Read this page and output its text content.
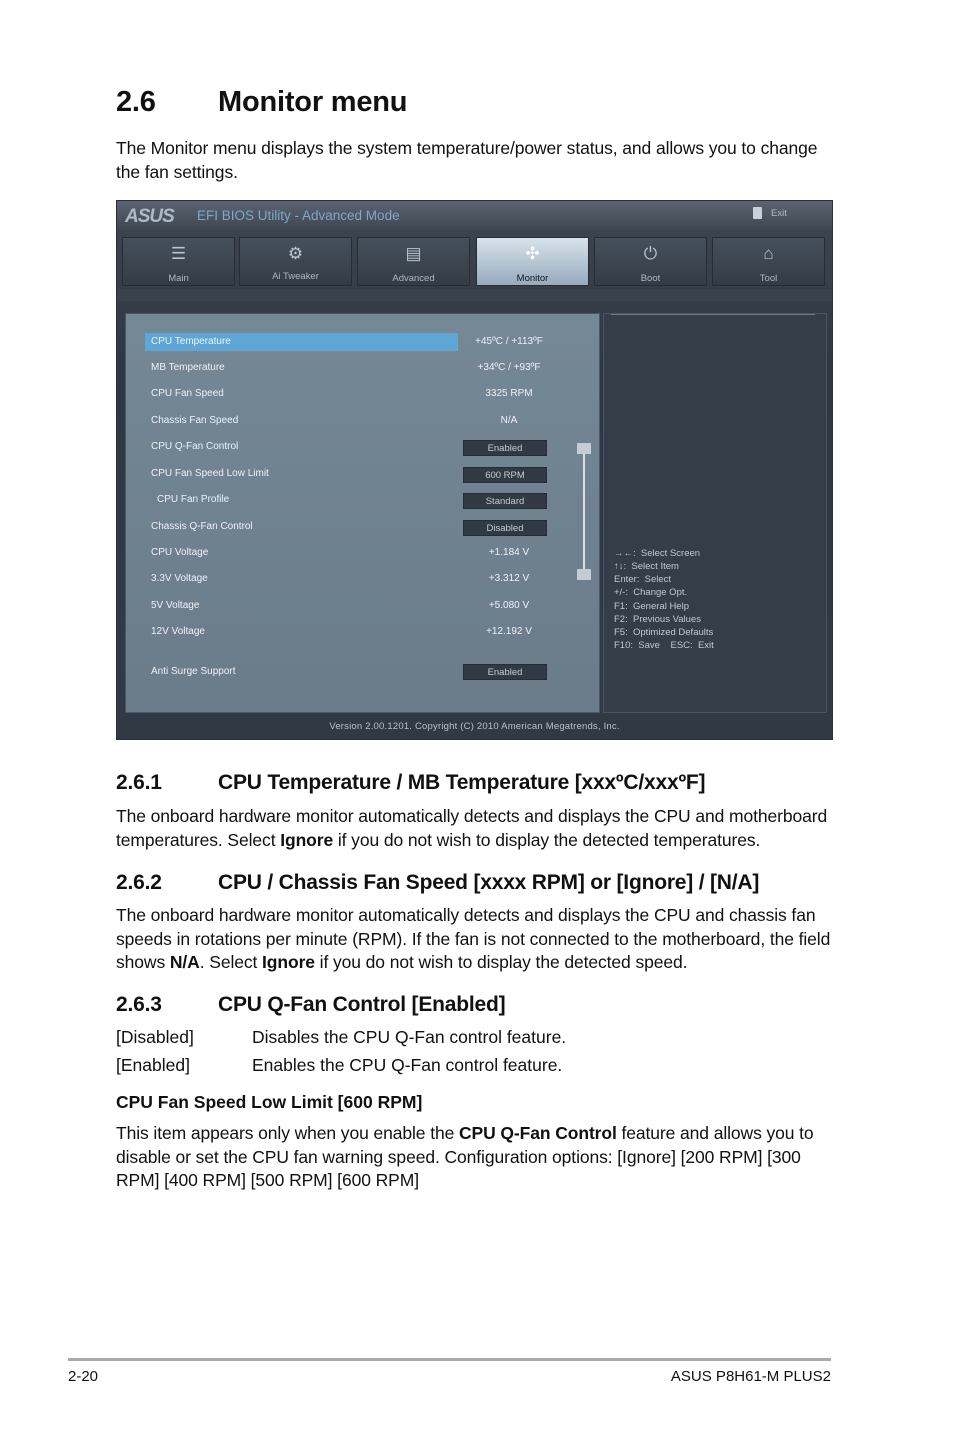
2.6 Monitor menu
The Monitor menu displays the system temperature/power status, and allows you to change the fan settings.
ASUS EFI BIOS Utility - Advanced Mode	Exit
☰
Main
⚙
Ai Tweaker
▤
Advanced
✣
Monitor
⏻
Boot
⌂
Tool
CPU Temperature	+45ºC / +113ºF
MB Temperature	+34ºC / +93ºF
CPU Fan Speed	3325 RPM
Chassis Fan Speed	N/A
CPU Q-Fan Control	Enabled
CPU Fan Speed Low Limit	600 RPM
CPU Fan Profile	Standard
Chassis Q-Fan Control	Disabled
CPU Voltage	+1.184 V
3.3V Voltage	+3.312 V
5V Voltage	+5.080 V
12V Voltage	+12.192 V
Anti Surge Support	Enabled
→←:  Select Screen
↑↓:  Select Item
Enter:  Select
+/-:  Change Opt.
F1:  General Help
F2:  Previous Values
F5:  Optimized Defaults
F10:  Save    ESC:  Exit
Version 2.00.1201. Copyright (C) 2010 American Megatrends, Inc.
2.6.1	CPU Temperature / MB Temperature [xxxºC/xxxºF]
The onboard hardware monitor automatically detects and displays the CPU and motherboard
temperatures. Select Ignore if you do not wish to display the detected temperatures.
2.6.2	CPU / Chassis Fan Speed [xxxx RPM] or [Ignore] / [N/A]
The onboard hardware monitor automatically detects and displays the CPU and chassis fan
speeds in rotations per minute (RPM). If the fan is not connected to the motherboard, the field
shows N/A. Select Ignore if you do not wish to display the detected speed.
2.6.3	CPU Q-Fan Control [Enabled]
[Disabled]	Disables the CPU Q-Fan control feature.
[Enabled]	Enables the CPU Q-Fan control feature.
CPU Fan Speed Low Limit [600 RPM]
This item appears only when you enable the CPU Q-Fan Control feature and allows you to
disable or set the CPU fan warning speed. Configuration options: [Ignore] [200 RPM] [300
RPM] [400 RPM] [500 RPM] [600 RPM]
2-20	ASUS P8H61-M PLUS2
